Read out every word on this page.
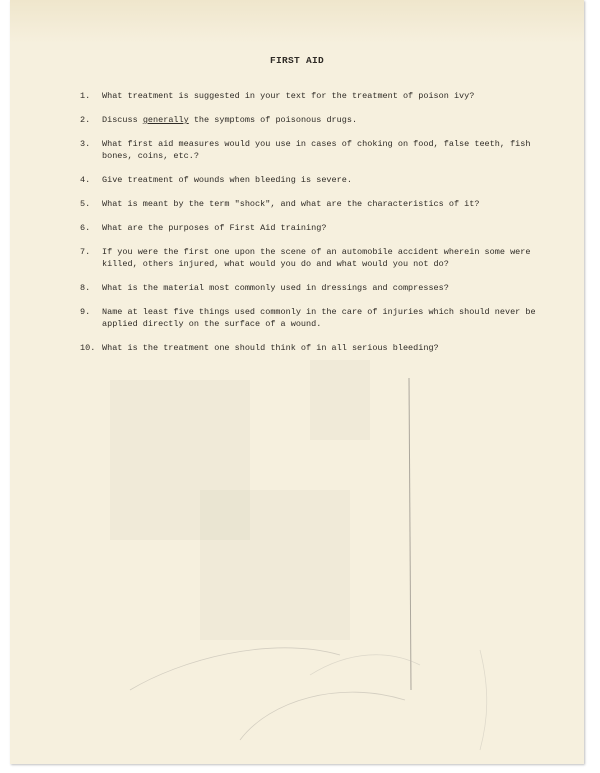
FIRST AID
1.	What treatment is suggested in your text for the treatment of poison ivy?
2.	Discuss generally the symptoms of poisonous drugs.
3.	What first aid measures would you use in cases of choking on food, false teeth, fish bones, coins, etc.?
4.	Give treatment of wounds when bleeding is severe.
5.	What is meant by the term "shock", and what are the characteristics of it?
6.	What are the purposes of First Aid training?
7.	If you were the first one upon the scene of an automobile accident wherein some were killed, others injured, what would you do and what would you not do?
8.	What is the material most commonly used in dressings and compresses?
9.	Name at least five things used commonly in the care of injuries which should never be applied directly on the surface of a wound.
10. What is the treatment one should think of in all serious bleeding?
